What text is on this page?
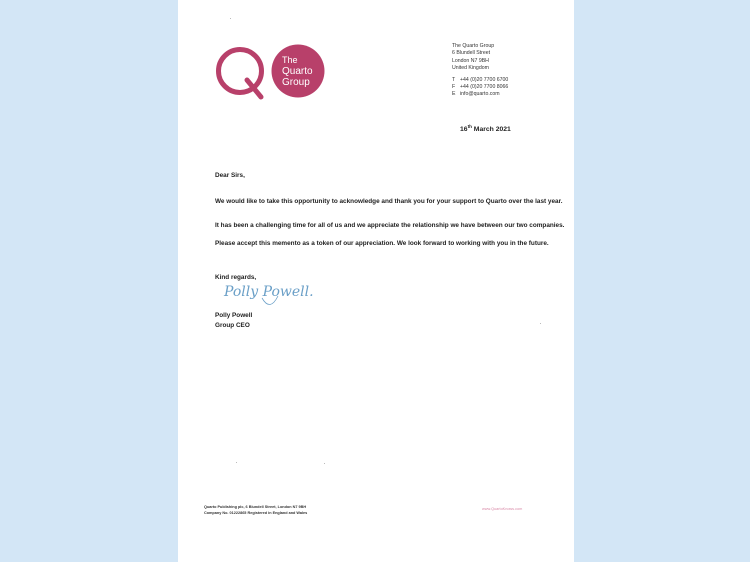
The
Quarto
Group
The Quarto Group
6 Blundell Street
London N7 9BH
United Kingdom
T +44 (0)20 7700 6700
F +44 (0)20 7700 8066
E info@quarto.com
16th March 2021
Dear Sirs,
We would like to take this opportunity to acknowledge and thank you for your support to Quarto over the last year.
It has been a challenging time for all of us and we appreciate the relationship we have between our two companies.
Please accept this memento as a token of our appreciation. We look forward to working with you in the future.
Kind regards,
Polly Powell.
Polly Powell
Group CEO
Quarto Publishing plc, 6 Blundell Street, London N7 9BH
Company No. 01222865 Registered in England and Wales
www.QuartoKnows.com
